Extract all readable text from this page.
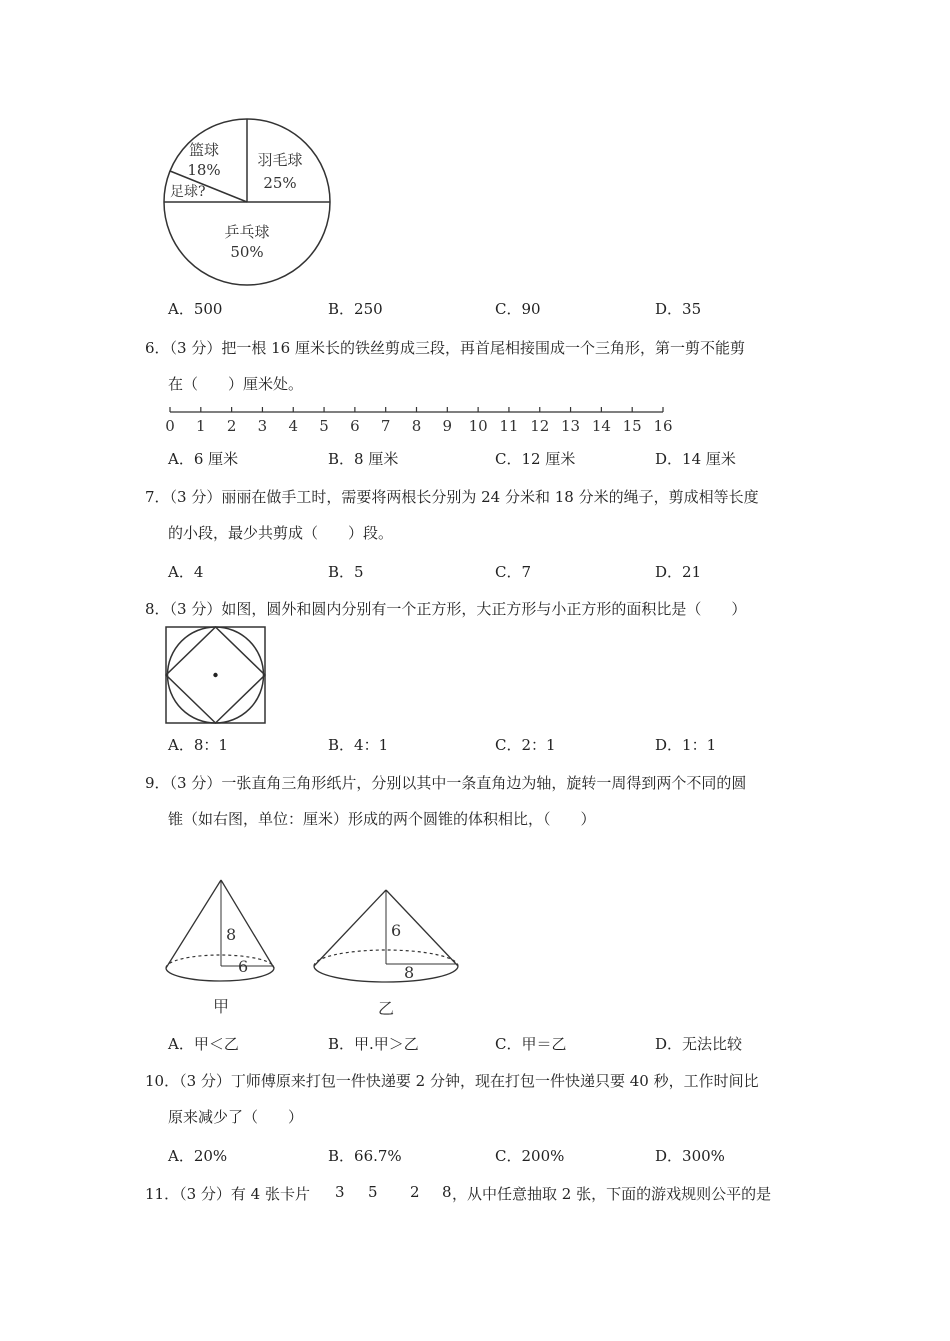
篮球
18%
羽毛球
25%
足球?
乒乓球
50%
A．500	B．250	C．90	D．35
6．（3 分）把一根 16 厘米长的铁丝剪成三段，再首尾相接围成一个三角形，第一剪不能剪
在（　　）厘米处。
0 1 2 3 4 5 6 7 8 9 10 11 12 13 14 15 16
A．6 厘米	B．8 厘米	C．12 厘米	D．14 厘米
7．（3 分）丽丽在做手工时，需要将两根长分别为 24 分米和 18 分米的绳子，剪成相等长度
的小段，最少共剪成（　　）段。
A．4	B．5	C．7	D．21
8．（3 分）如图，圆外和圆内分别有一个正方形，大正方形与小正方形的面积比是（　　）
A．8：1	B．4：1	C．2：1	D．1：1
9．（3 分）一张直角三角形纸片，分别以其中一条直角边为轴，旋转一周得到两个不同的圆
锥（如右图，单位：厘米）形成的两个圆锥的体积相比，（　　）
8
6
甲
6
8
乙
A．甲＜乙	B．甲.甲＞乙	C．甲＝乙	D．无法比较
10．（3 分）丁师傅原来打包一件快递要 2 分钟，现在打包一件快递只要 40 秒，工作时间比
原来减少了（　　）
A．20%	B．66.7%	C．200%	D．300%
11．（3 分）有 4 张卡片 3 5 2 8 ，从中任意抽取 2 张，下面的游戏规则公平的是
